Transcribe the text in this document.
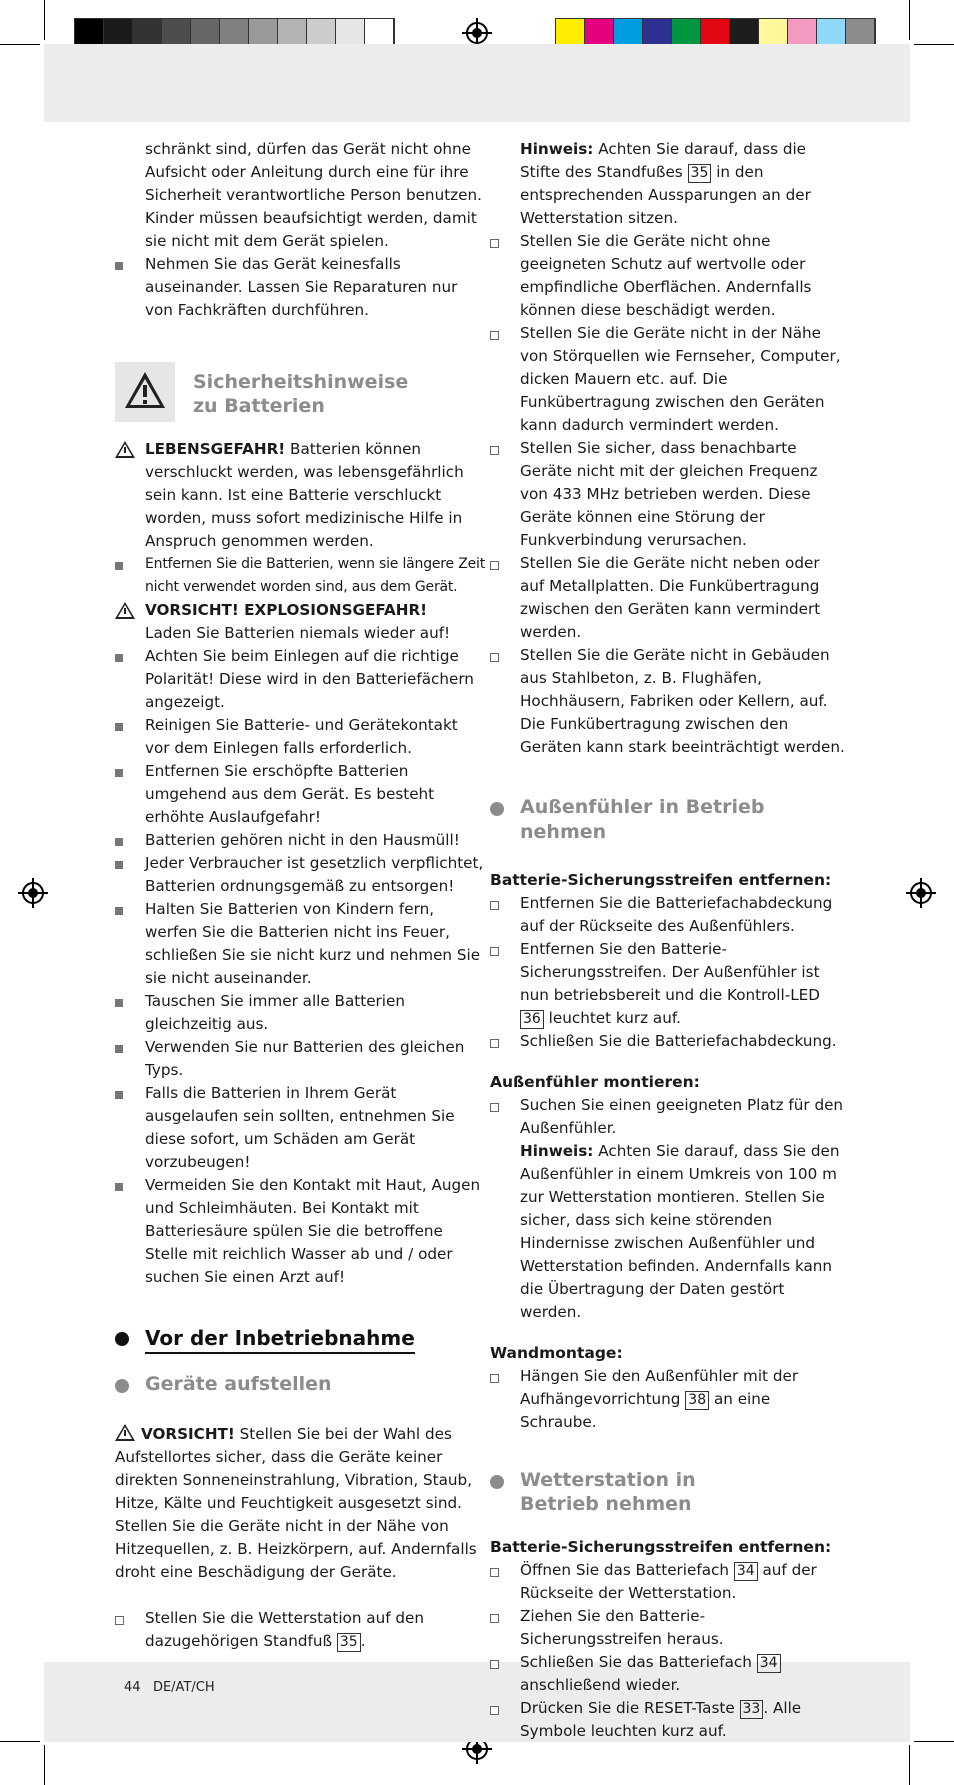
44 DE/AT/CH

schränkt sind, dürfen das Gerät nicht ohne Aufsicht oder Anleitung durch eine für ihre Sicherheit verantwortliche Person benutzen. Kinder müssen beaufsichtigt werden, damit sie nicht mit dem Gerät spielen.

Nehmen Sie das Gerät keinesfalls auseinander. Lassen Sie Reparaturen nur von Fachkräften durchführen.
Sicherheitshinweise
zu Batterien
LEBENSGEFAHR! Batterien können verschluckt werden, was lebensgefährlich sein kann. Ist eine Batterie verschluckt worden, muss sofort medizinische Hilfe in Anspruch genommen werden.
Entfernen Sie die Batterien, wenn sie längere Zeit nicht verwendet worden sind, aus dem Gerät.
VORSICHT! EXPLOSIONSGEFAHR!
Laden Sie Batterien niemals wieder auf!
Achten Sie beim Einlegen auf die richtige Polarität! Diese wird in den Batteriefächern angezeigt.
Reinigen Sie Batterie- und Gerätekontakt vor dem Einlegen falls erforderlich.
Entfernen Sie erschöpfte Batterien umgehend aus dem Gerät. Es besteht erhöhte Auslaufgefahr!
Batterien gehören nicht in den Hausmüll!
Jeder Verbraucher ist gesetzlich verpflichtet, Batterien ordnungsgemäß zu entsorgen!
Halten Sie Batterien von Kindern fern, werfen Sie die Batterien nicht ins Feuer, schließen Sie sie nicht kurz und nehmen Sie sie nicht auseinander.
Tauschen Sie immer alle Batterien gleichzeitig aus.
Verwenden Sie nur Batterien des gleichen Typs.
Falls die Batterien in Ihrem Gerät ausgelaufen sein sollten, entnehmen Sie diese sofort, um Schäden am Gerät vorzubeugen!
Vermeiden Sie den Kontakt mit Haut, Augen und Schleimhäuten. Bei Kontakt mit Batteriesäure spülen Sie die betroffene Stelle mit reichlich Wasser ab und / oder suchen Sie einen Arzt auf!
Vor der Inbetriebnahme
Geräte aufstellen
VORSICHT! Stellen Sie bei der Wahl des Aufstellortes sicher, dass die Geräte keiner direkten Sonneneinstrahlung, Vibration, Staub, Hitze, Kälte und Feuchtigkeit ausgesetzt sind. Stellen Sie die Geräte nicht in der Nähe von Hitzequellen, z. B. Heizkörpern, auf. Andernfalls droht eine Beschädigung der Geräte.
Stellen Sie die Wetterstation auf den dazugehörigen Standfuß 35 .
Hinweis: Achten Sie darauf, dass die Stifte des Standfußes 35 in den entsprechenden Aussparungen an der Wetterstation sitzen.
Stellen Sie die Geräte nicht ohne geeigneten Schutz auf wertvolle oder empfindliche Oberflächen. Andernfalls können diese beschädigt werden.
Stellen Sie die Geräte nicht in der Nähe von Störquellen wie Fernseher, Computer, dicken Mauern etc. auf. Die Funkübertragung zwischen den Geräten kann dadurch vermindert werden.
Stellen Sie sicher, dass benachbarte Geräte nicht mit der gleichen Frequenz von 433 MHz betrieben werden. Diese Geräte können eine Störung der Funkverbindung verursachen.
Stellen Sie die Geräte nicht neben oder auf Metallplatten. Die Funkübertragung zwischen den Geräten kann vermindert werden.
Stellen Sie die Geräte nicht in Gebäuden aus Stahlbeton, z. B. Flughäfen, Hochhäusern, Fabriken oder Kellern, auf. Die Funkübertragung zwischen den Geräten kann stark beeinträchtigt werden.
Außenfühler in Betrieb nehmen

Batterie-Sicherungsstreifen entfernen:

Entfernen Sie die Batteriefachabdeckung auf der Rückseite des Außenfühlers.
Entfernen Sie den Batterie-Sicherungsstreifen. Der Außenfühler ist nun betriebsbereit und die Kontroll-LED 36 leuchtet kurz auf.
Schließen Sie die Batteriefachabdeckung.

Außenfühler montieren:

Suchen Sie einen geeigneten Platz für den Außenfühler.
Hinweis: Achten Sie darauf, dass Sie den Außenfühler in einem Umkreis von 100 m zur Wetterstation montieren. Stellen Sie sicher, dass sich keine störenden Hindernisse zwischen Außenfühler und Wetterstation befinden. Andernfalls kann die Übertragung der Daten gestört werden.

Wandmontage:

Hängen Sie den Außenfühler mit der Aufhängevorrichtung 38 an eine Schraube.
Wetterstation in
Betrieb nehmen

Batterie-Sicherungsstreifen entfernen:

Öffnen Sie das Batteriefach 34 auf der Rückseite der Wetterstation.
Ziehen Sie den Batterie-Sicherungsstreifen heraus.
Schließen Sie das Batteriefach 34 anschließend wieder.
Drücken Sie die RESET-Taste 33 . Alle Symbole leuchten kurz auf.
